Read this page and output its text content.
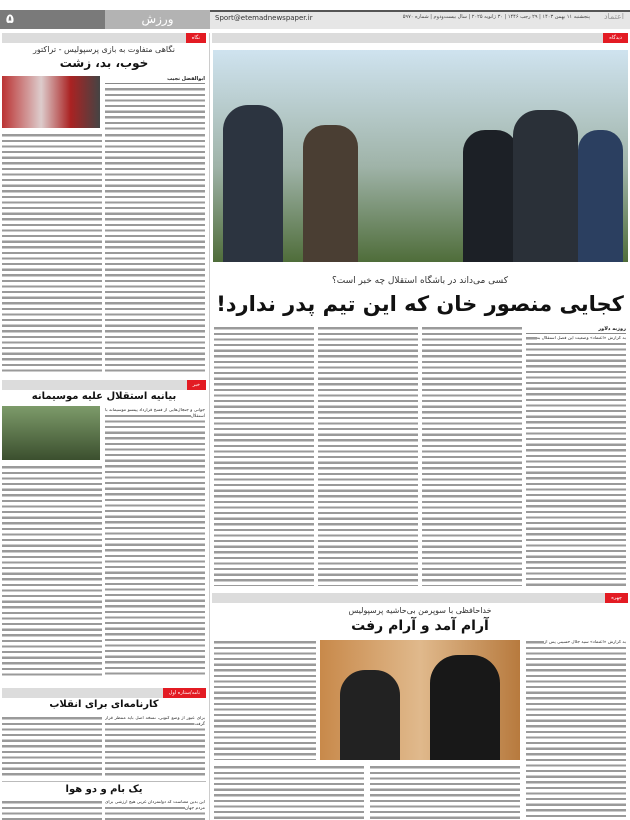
۵	ورزش	Sport@etemadnewspaper.ir	پنجشنبه ۱۱ بهمن ۱۴۰۳ | ۲۹ رجب ۱۴۴۶ | ۳۰ ژانویه ۲۰۲۵ | سال بیست‌ودوم | شماره ۵۹۷۰ اعتماد
نگاه
نگاهی متفاوت به بازی پرسپولیس - تراکتور
خوب، بد، زشت
ابوالفضل نجیب
خبر
بیانیه استقلال علیه موسیمانه
جوانی و جنجال‌هایی از فسخ قرارداد پیتسو موسیمانه با استقلال
نامه/ستاره اول
کارنامه‌ای برای انقلاب
برای عبور از وضع کنونی، نسخه اصل باید منتظر قرار گرفت
یک بام و دو هوا
این بدین معناست که دولتمردان غربی هیچ ارزشی برای مردم جهان
دیدگاه
کسی می‌داند در باشگاه استقلال چه خبر است؟
کجایی منصور خان که این تیم پدر ندارد!
روزبه دلاور
به گزارش «اعتماد» وضعیت این فصل استقلال به
چهره
خداحافظی با سوپرمن بی‌حاشیه پرسپولیس
آرام آمد و آرام رفت
به گزارش «اعتماد» سید جلال حسینی پس از
